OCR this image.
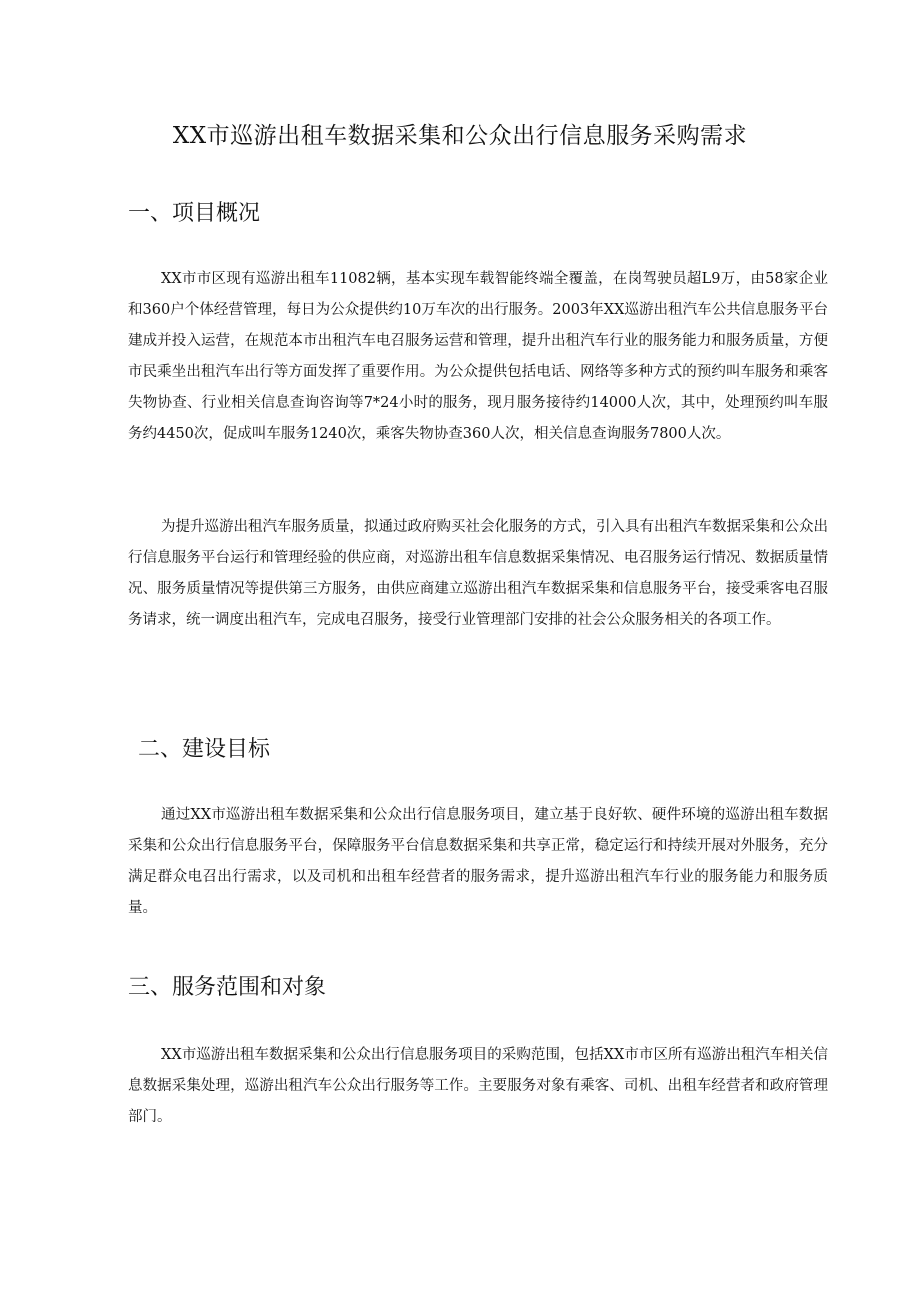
XX市巡游出租车数据采集和公众出行信息服务采购需求
一、项目概况

XX市市区现有巡游出租车11082辆，基本实现车载智能终端全覆盖，在岗驾驶员超L9万，由58家企业和360户个体经营管理，每日为公众提供约10万车次的出行服务。2003年XX巡游出租汽车公共信息服务平台建成并投入运营，在规范本市出租汽车电召服务运营和管理，提升出租汽车行业的服务能力和服务质量，方便市民乘坐出租汽车出行等方面发挥了重要作用。为公众提供包括电话、网络等多种方式的预约叫车服务和乘客失物协查、行业相关信息查询咨询等7*24小时的服务，现月服务接待约14000人次，其中，处理预约叫车服务约4450次，促成叫车服务1240次，乘客失物协查360人次，相关信息查询服务7800人次。

为提升巡游出租汽车服务质量，拟通过政府购买社会化服务的方式，引入具有出租汽车数据采集和公众出行信息服务平台运行和管理经验的供应商，对巡游出租车信息数据采集情况、电召服务运行情况、数据质量情况、服务质量情况等提供第三方服务，由供应商建立巡游出租汽车数据采集和信息服务平台，接受乘客电召服务请求，统一调度出租汽车，完成电召服务，接受行业管理部门安排的社会公众服务相关的各项工作。

二、建设目标

通过XX市巡游出租车数据采集和公众出行信息服务项目，建立基于良好软、硬件环境的巡游出租车数据采集和公众出行信息服务平台，保障服务平台信息数据采集和共享正常，稳定运行和持续开展对外服务，充分满足群众电召出行需求，以及司机和出租车经营者的服务需求，提升巡游出租汽车行业的服务能力和服务质量。

三、服务范围和对象

XX市巡游出租车数据采集和公众出行信息服务项目的采购范围，包括XX市市区所有巡游出租汽车相关信息数据采集处理，巡游出租汽车公众出行服务等工作。主要服务对象有乘客、司机、出租车经营者和政府管理部门。
